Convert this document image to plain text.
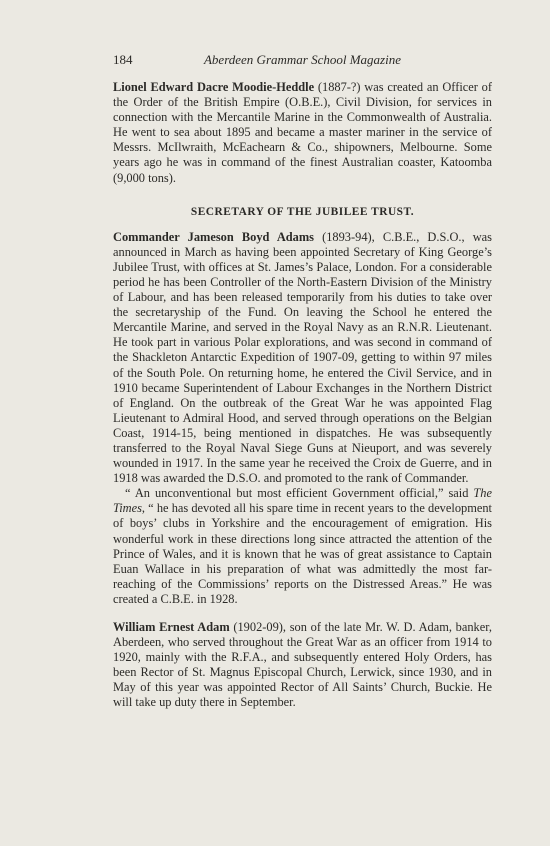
184	Aberdeen Grammar School Magazine

Lionel Edward Dacre Moodie-Heddle (1887-?) was created an Officer of the Order of the British Empire (O.B.E.), Civil Division, for services in connection with the Mercantile Marine in the Commonwealth of Australia. He went to sea about 1895 and became a master mariner in the service of Messrs. McIlwraith, McEachearn & Co., shipowners, Melbourne. Some years ago he was in command of the finest Australian coaster, Katoomba (9,000 tons).

SECRETARY OF THE JUBILEE TRUST.

Commander Jameson Boyd Adams (1893-94), C.B.E., D.S.O., was announced in March as having been appointed Secretary of King George’s Jubilee Trust, with offices at St. James’s Palace, London. For a considerable period he has been Controller of the North-Eastern Division of the Ministry of Labour, and has been released temporarily from his duties to take over the secretaryship of the Fund. On leaving the School he entered the Mercantile Marine, and served in the Royal Navy as an R.N.R. Lieutenant. He took part in various Polar explorations, and was second in command of the Shackleton Antarctic Expedition of 1907-09, getting to within 97 miles of the South Pole. On returning home, he entered the Civil Service, and in 1910 became Superintendent of Labour Exchanges in the Northern District of England. On the outbreak of the Great War he was appointed Flag Lieutenant to Admiral Hood, and served through operations on the Belgian Coast, 1914-15, being mentioned in dispatches. He was subsequently transferred to the Royal Naval Siege Guns at Nieuport, and was severely wounded in 1917. In the same year he received the Croix de Guerre, and in 1918 was awarded the D.S.O. and promoted to the rank of Commander.

“ An unconventional but most efficient Government official,” said The Times, “ he has devoted all his spare time in recent years to the development of boys’ clubs in Yorkshire and the encouragement of emigration. His wonderful work in these directions long since attracted the attention of the Prince of Wales, and it is known that he was of great assistance to Captain Euan Wallace in his preparation of what was admittedly the most far-reaching of the Commissions’ reports on the Distressed Areas.” He was created a C.B.E. in 1928.

William Ernest Adam (1902-09), son of the late Mr. W. D. Adam, banker, Aberdeen, who served throughout the Great War as an officer from 1914 to 1920, mainly with the R.F.A., and subsequently entered Holy Orders, has been Rector of St. Magnus Episcopal Church, Lerwick, since 1930, and in May of this year was appointed Rector of All Saints’ Church, Buckie. He will take up duty there in September.
